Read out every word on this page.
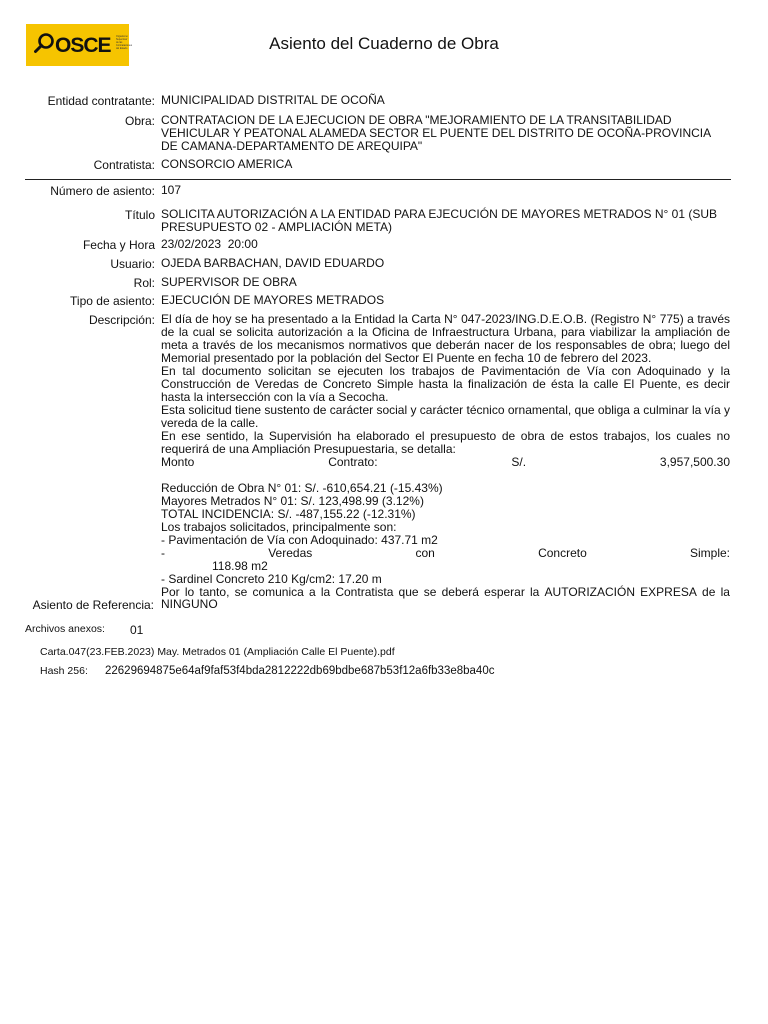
OSCE Organismo Supervisor de las Contrataciones del Estado	Asiento del Cuaderno de Obra
Entidad contratante: MUNICIPALIDAD DISTRITAL DE OCOÑA
Obra: CONTRATACION DE LA EJECUCION DE OBRA "MEJORAMIENTO DE LA TRANSITABILIDAD VEHICULAR Y PEATONAL ALAMEDA SECTOR EL PUENTE DEL DISTRITO DE OCOÑA-PROVINCIA DE CAMANA-DEPARTAMENTO DE AREQUIPA"
Contratista: CONSORCIO AMERICA
Número de asiento: 107
Título SOLICITA AUTORIZACIÓN A LA ENTIDAD PARA EJECUCIÓN DE MAYORES METRADOS N° 01 (SUB PRESUPUESTO 02 - AMPLIACIÓN META)
Fecha y Hora 23/02/2023  20:00
Usuario: OJEDA BARBACHAN, DAVID EDUARDO
Rol: SUPERVISOR DE OBRA
Tipo de asiento: EJECUCIÓN DE MAYORES METRADOS
Descripción: El día de hoy se ha presentado a la Entidad la Carta N° 047-2023/ING.D.E.O.B. (Registro N° 775) a través de la cual se solicita autorización a la Oficina de Infraestructura Urbana, para viabilizar la ampliación de meta a través de los mecanismos normativos que deberán nacer de los responsables de obra; luego del Memorial presentado por la población del Sector El Puente en fecha 10 de febrero del 2023.

En tal documento solicitan se ejecuten los trabajos de Pavimentación de Vía con Adoquinado y la Construcción de Veredas de Concreto Simple hasta la finalización de ésta la calle El Puente, es decir hasta la intersección con la vía a Secocha.

Esta solicitud tiene sustento de carácter social y carácter técnico ornamental, que obliga a culminar la vía y vereda de la calle.

En ese sentido, la Supervisión ha elaborado el presupuesto de obra de estos trabajos, los cuales no requerirá de una Ampliación Presupuestaria, se detalla:

Monto	Contrato:	S/.	3,957,500.30

Reducción de Obra N° 01: S/. -610,654.21 (-15.43%)

Mayores Metrados N° 01: S/. 123,498.99 (3.12%)

TOTAL INCIDENCIA: S/. -487,155.22 (-12.31%)

Los trabajos solicitados, principalmente son:

- Pavimentación de Vía con Adoquinado: 437.71 m2

-	Veredas	con	Concreto	Simple:

118.98 m2

- Sardinel Concreto 210 Kg/cm2: 17.20 m

Por lo tanto, se comunica a la Contratista que se deberá esperar la AUTORIZACIÓN EXPRESA de la
Asiento de Referencia: NINGUNO
Archivos anexos: 01
Carta.047(23.FEB.2023) May. Metrados 01 (Ampliación Calle El Puente).pdf
Hash 256: 22629694875e64af9faf53f4bda2812222db69bdbe687b53f12a6fb33e8ba40c
